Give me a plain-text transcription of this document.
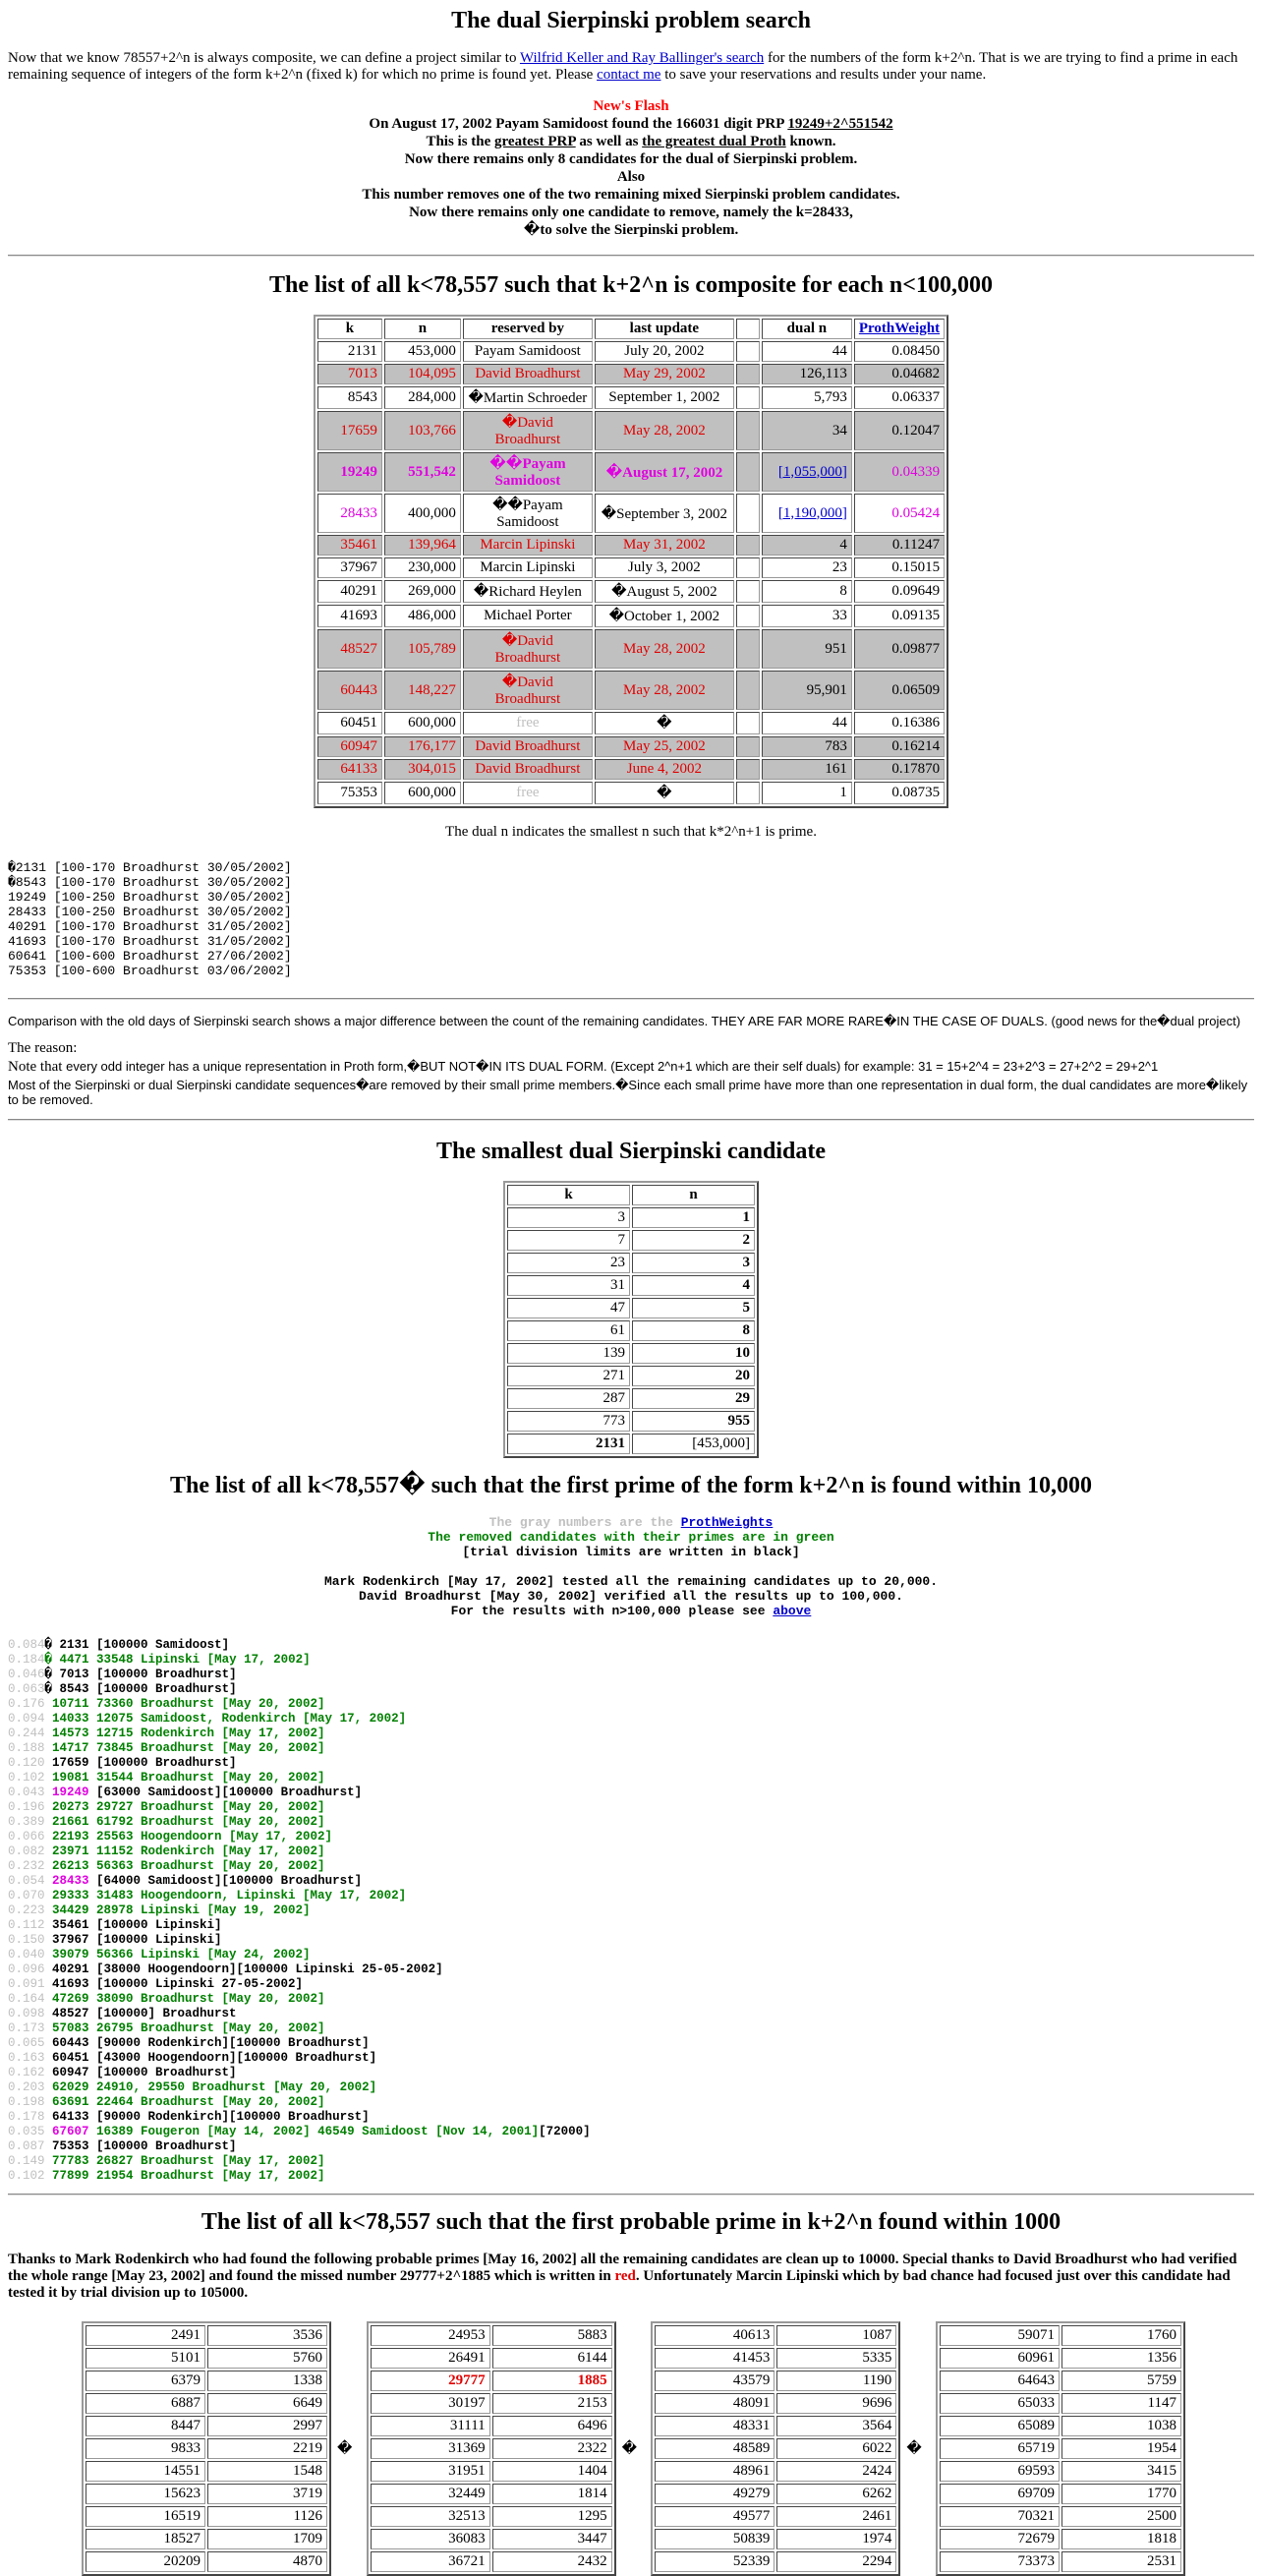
The dual Sierpinski problem search

Now that we know 78557+2^n is always composite, we can define a project similar to Wilfrid Keller and Ray Ballinger's search for the numbers of the form k+2^n. That is we are trying to find a prime in each remaining sequence of integers of the form k+2^n (fixed k) for which no prime is found yet. Please contact me to save your reservations and results under your name.

New's Flash
On August 17, 2002 Payam Samidoost found the 166031 digit PRP 19249+2^551542
This is the greatest PRP as well as the greatest dual Proth known.
Now there remains only 8 candidates for the dual of Sierpinski problem.
Also
This number removes one of the two remaining mixed Sierpinski problem candidates.
Now there remains only one candidate to remove, namely the k=28433,
�to solve the Sierpinski problem.
The list of all k<78,557 such that k+2^n is composite for each n<100,000
k	n	reserved by	last update		dual n	ProthWeight
2131	453,000	Payam Samidoost	July 20, 2002		44	0.08450
7013	104,095	David Broadhurst	May 29, 2002		126,113	0.04682
8543	284,000	�Martin Schroeder	September 1, 2002		5,793	0.06337
17659	103,766	�David Broadhurst	May 28, 2002		34	0.12047
19249	551,542	��Payam Samidoost	�August 17, 2002		[1,055,000]	0.04339
28433	400,000	��Payam Samidoost	�September 3, 2002		[1,190,000]	0.05424
35461	139,964	Marcin Lipinski	May 31, 2002		4	0.11247
37967	230,000	Marcin Lipinski	July 3, 2002		23	0.15015
40291	269,000	�Richard Heylen	�August 5, 2002		8	0.09649
41693	486,000	Michael Porter	�October 1, 2002		33	0.09135
48527	105,789	�David Broadhurst	May 28, 2002		951	0.09877
60443	148,227	�David Broadhurst	May 28, 2002		95,901	0.06509
60451	600,000	free	�		44	0.16386
60947	176,177	David Broadhurst	May 25, 2002		783	0.16214
64133	304,015	David Broadhurst	June 4, 2002		161	0.17870
75353	600,000	free	�		1	0.08735

The dual n indicates the smallest n such that k*2^n+1 is prime.

�2131 [100-170 Broadhurst 30/05/2002]
�8543 [100-170 Broadhurst 30/05/2002]
19249 [100-250 Broadhurst 30/05/2002]
28433 [100-250 Broadhurst 30/05/2002]
40291 [100-170 Broadhurst 31/05/2002]
41693 [100-170 Broadhurst 31/05/2002]
60641 [100-600 Broadhurst 27/06/2002]
75353 [100-600 Broadhurst 03/06/2002]

Comparison with the old days of Sierpinski search shows a major difference between the count of the remaining candidates. THEY ARE FAR MORE RARE�IN THE CASE OF DUALS. (good news for the�dual project)

The reason:
Note that every odd integer has a unique representation in Proth form,�BUT NOT�IN ITS DUAL FORM. (Except 2^n+1 which are their self duals) for example: 31 = 15+2^4 = 23+2^3 = 27+2^2 = 29+2^1

Most of the Sierpinski or dual Sierpinski candidate sequences�are removed by their small prime members.�Since each small prime have more than one representation in dual form, the dual candidates are more�likely to be removed.

The smallest dual Sierpinski candidate
k	n
3	1
7	2
23	3
31	4
47	5
61	8
139	10
271	20
287	29
773	955
2131	[453,000]
The list of all k<78,557� such that the first prime of the form k+2^n is found within 10,000
The gray numbers are the ProthWeights
The removed candidates with their primes are in green
[trial division limits are written in black]
Mark Rodenkirch [May 17, 2002] tested all the remaining candidates up to 20,000.
David Broadhurst [May 30, 2002] verified all the results up to 100,000.
For the results with n>100,000 please see above
0.084� 2131 [100000 Samidoost]
0.184� 4471 33548 Lipinski [May 17, 2002]
0.046� 7013 [100000 Broadhurst]
0.063� 8543 [100000 Broadhurst]
0.176 10711 73360 Broadhurst [May 20, 2002]
0.094 14033 12075 Samidoost, Rodenkirch [May 17, 2002]
0.244 14573 12715 Rodenkirch [May 17, 2002]
0.188 14717 73845 Broadhurst [May 20, 2002]
0.120 17659 [100000 Broadhurst]
0.102 19081 31544 Broadhurst [May 20, 2002]
0.043 19249 [63000 Samidoost][100000 Broadhurst]
0.196 20273 29727 Broadhurst [May 20, 2002]
0.389 21661 61792 Broadhurst [May 20, 2002]
0.066 22193 25563 Hoogendoorn [May 17, 2002]
0.082 23971 11152 Rodenkirch [May 17, 2002]
0.232 26213 56363 Broadhurst [May 20, 2002]
0.054 28433 [64000 Samidoost][100000 Broadhurst]
0.070 29333 31483 Hoogendoorn, Lipinski [May 17, 2002]
0.223 34429 28978 Lipinski [May 19, 2002]
0.112 35461 [100000 Lipinski]
0.150 37967 [100000 Lipinski]
0.040 39079 56366 Lipinski [May 24, 2002]
0.096 40291 [38000 Hoogendoorn][100000 Lipinski 25-05-2002]
0.091 41693 [100000 Lipinski 27-05-2002]
0.164 47269 38090 Broadhurst [May 20, 2002]
0.098 48527 [100000] Broadhurst
0.173 57083 26795 Broadhurst [May 20, 2002]
0.065 60443 [90000 Rodenkirch][100000 Broadhurst]
0.163 60451 [43000 Hoogendoorn][100000 Broadhurst]
0.162 60947 [100000 Broadhurst]
0.203 62029 24910, 29550 Broadhurst [May 20, 2002]
0.198 63691 22464 Broadhurst [May 20, 2002]
0.178 64133 [90000 Rodenkirch][100000 Broadhurst]
0.035 67607 16389 Fougeron [May 14, 2002] 46549 Samidoost [Nov 14, 2001][72000]
0.087 75353 [100000 Broadhurst]
0.149 77783 26827 Broadhurst [May 17, 2002]
0.102 77899 21954 Broadhurst [May 17, 2002]
The list of all k<78,557 such that the first probable prime in k+2^n found within 1000

Thanks to Mark Rodenkirch who had found the following probable primes [May 16, 2002] all the remaining candidates are clean up to 10000. Special thanks to David Broadhurst who had verified the whole range [May 23, 2002] and found the missed number 29777+2^1885 which is written in red. Unfortunately Marcin Lipinski which by bad chance had focused just over this candidate had tested it by trial division up to 105000.

2491	3536
5101	5760
6379	1338
6887	6649
8447	2997
9833	2219
14551	1548
15623	3719
16519	1126
18527	1709
20209	4870
�
24953	5883
26491	6144
29777	1885
30197	2153
31111	6496
31369	2322
31951	1404
32449	1814
32513	1295
36083	3447
36721	2432
�
40613	1087
41453	5335
43579	1190
48091	9696
48331	3564
48589	6022
48961	2424
49279	6262
49577	2461
50839	1974
52339	2294
�
59071	1760
60961	1356
64643	5759
65033	1147
65089	1038
65719	1954
69593	3415
69709	1770
70321	2500
72679	1818
73373	2531
